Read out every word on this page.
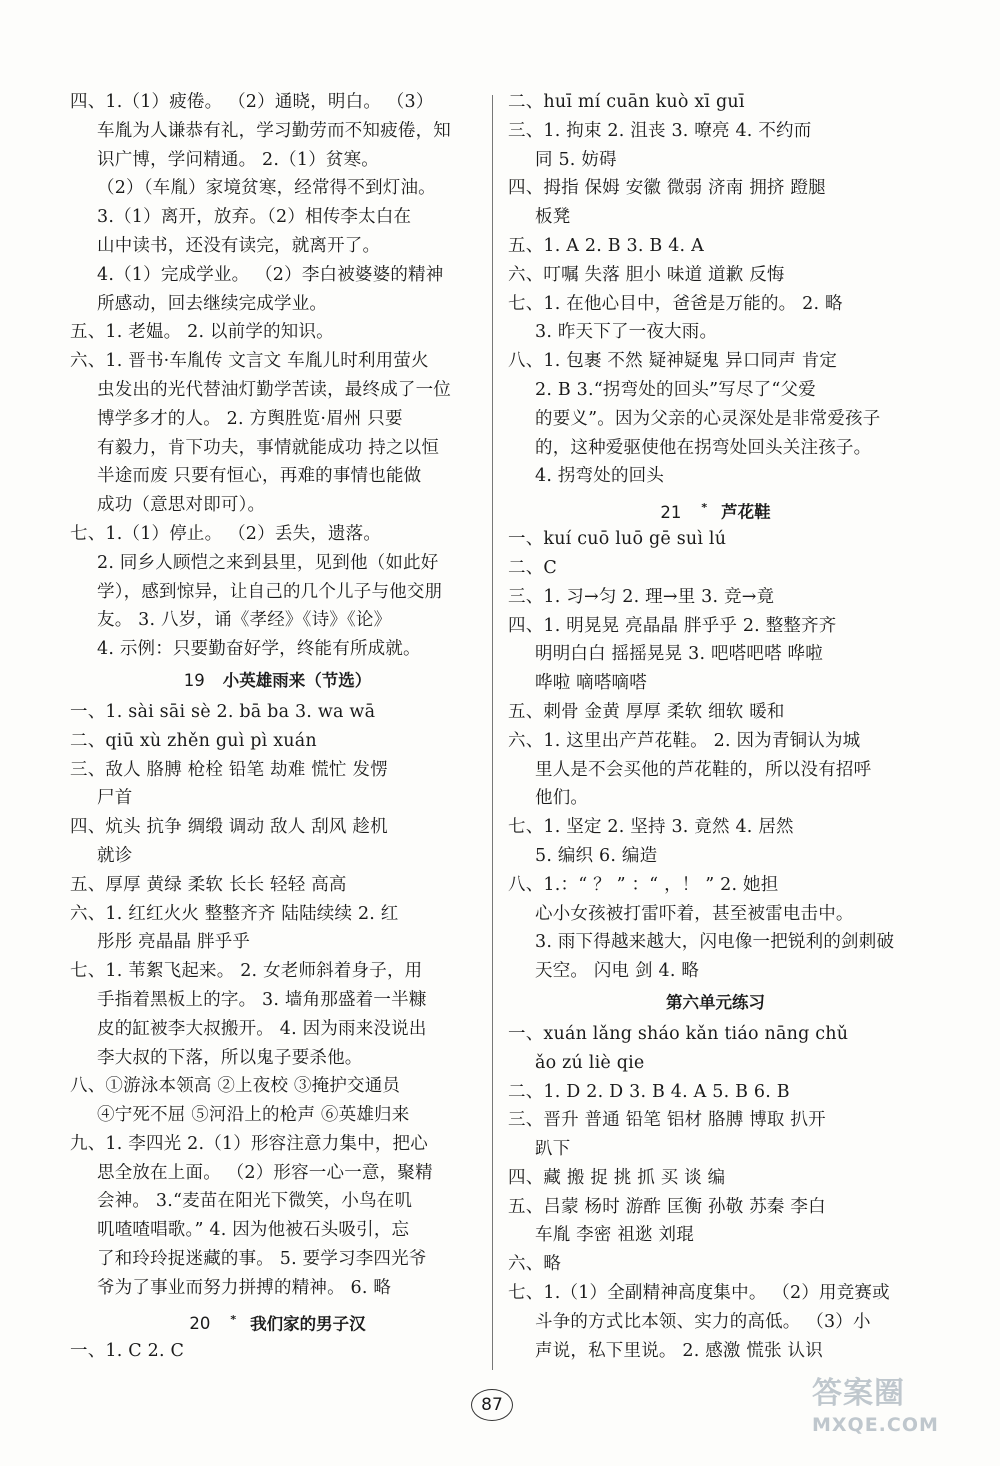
四、1.（1）疲倦。 （2）通晓，明白。 （3）
车胤为人谦恭有礼，学习勤劳而不知疲倦，知
识广博，学问精通。 2.（1）贫寒。
（2）（车胤）家境贫寒，经常得不到灯油。
3.（1）离开，放弃。（2）相传李太白在
山中读书，还没有读完，就离开了。
4.（1）完成学业。 （2）李白被婆婆的精神
所感动，回去继续完成学业。
五、1. 老媪。 2. 以前学的知识。
六、1. 晋书·车胤传 文言文 车胤儿时利用萤火
虫发出的光代替油灯勤学苦读，最终成了一位
博学多才的人。 2. 方舆胜览·眉州 只要
有毅力，肯下功夫，事情就能成功 持之以恒
半途而废 只要有恒心，再难的事情也能做
成功（意思对即可）。
七、1.（1）停止。 （2）丢失，遗落。
2. 同乡人顾恺之来到县里，见到他（如此好
学），感到惊异，让自己的几个儿子与他交朋
友。 3. 八岁，诵《孝经》《诗》《论》
4. 示例：只要勤奋好学，终能有所成就。
19 小英雄雨来（节选）
一、1. sài sāi sè 2. bā ba 3. wa wā
二、qiū xù zhěn guì pì xuán
三、敌人 胳膊 枪栓 铅笔 劫难 慌忙 发愣
尸首
四、炕头 抗争 绸缎 调动 敌人 刮风 趁机
就诊
五、厚厚 黄绿 柔软 长长 轻轻 高高
六、1. 红红火火 整整齐齐 陆陆续续 2. 红
彤彤 亮晶晶 胖乎乎
七、1. 苇絮飞起来。 2. 女老师斜着身子，用
手指着黑板上的字。 3. 墙角那盛着一半糠
皮的缸被李大叔搬开。 4. 因为雨来没说出
李大叔的下落，所以鬼子要杀他。
八、①游泳本领高 ②上夜校 ③掩护交通员
④宁死不屈 ⑤河沿上的枪声 ⑥英雄归来
九、1. 李四光 2.（1）形容注意力集中，把心
思全放在上面。 （2）形容一心一意，聚精
会神。 3.“麦苗在阳光下微笑，小鸟在叽
叽喳喳唱歌。” 4. 因为他被石头吸引，忘
了和玲玲捉迷藏的事。 5. 要学习李四光爷
爷为了事业而努力拼搏的精神。 6. 略
20 * 我们家的男子汉
一、1. C 2. C
二、huī mí cuān kuò xī guī
三、1. 拘束 2. 沮丧 3. 嘹亮 4. 不约而
同 5. 妨碍
四、拇指 保姆 安徽 微弱 济南 拥挤 蹬腿
板凳
五、1. A 2. B 3. B 4. A
六、叮嘱 失落 胆小 味道 道歉 反悔
七、1. 在他心目中，爸爸是万能的。 2. 略
3. 昨天下了一夜大雨。
八、1. 包裹 不然 疑神疑鬼 异口同声 肯定
2. B 3.“拐弯处的回头”写尽了“父爱
的要义”。因为父亲的心灵深处是非常爱孩子
的，这种爱驱使他在拐弯处回头关注孩子。
4. 拐弯处的回头
21 * 芦花鞋
一、kuí cuō luō gē suì lú
二、C
三、1. 习→匀 2. 理→里 3. 竞→竟
四、1. 明晃晃 亮晶晶 胖乎乎 2. 整整齐齐
明明白白 摇摇晃晃 3. 吧嗒吧嗒 哗啦
哗啦 嘀嗒嘀嗒
五、刺骨 金黄 厚厚 柔软 细软 暖和
六、1. 这里出产芦花鞋。 2. 因为青铜认为城
里人是不会买他的芦花鞋的，所以没有招呼
他们。
七、1. 坚定 2. 坚持 3. 竟然 4. 居然
5. 编织 6. 编造
八、1.：“ ？ ” ：“ ，！ ” 2. 她担
心小女孩被打雷吓着，甚至被雷电击中。
3. 雨下得越来越大，闪电像一把锐利的剑刺破
天空。 闪电 剑 4. 略
第六单元练习
一、xuán lǎng sháo kǎn tiáo nāng chǔ
ǎo zú liè qie
二、1. D 2. D 3. B 4. A 5. B 6. B
三、晋升 普通 铅笔 铝材 胳膊 博取 扒开
趴下
四、藏 搬 捉 挑 抓 买 谈 编
五、吕蒙 杨时 游酢 匡衡 孙敬 苏秦 李白
车胤 李密 祖逖 刘琨
六、略
七、1.（1）全副精神高度集中。 （2）用竞赛或
斗争的方式比本领、实力的高低。 （3）小
声说，私下里说。 2. 感激 慌张 认识
87	答案圈
MXQE.COM
